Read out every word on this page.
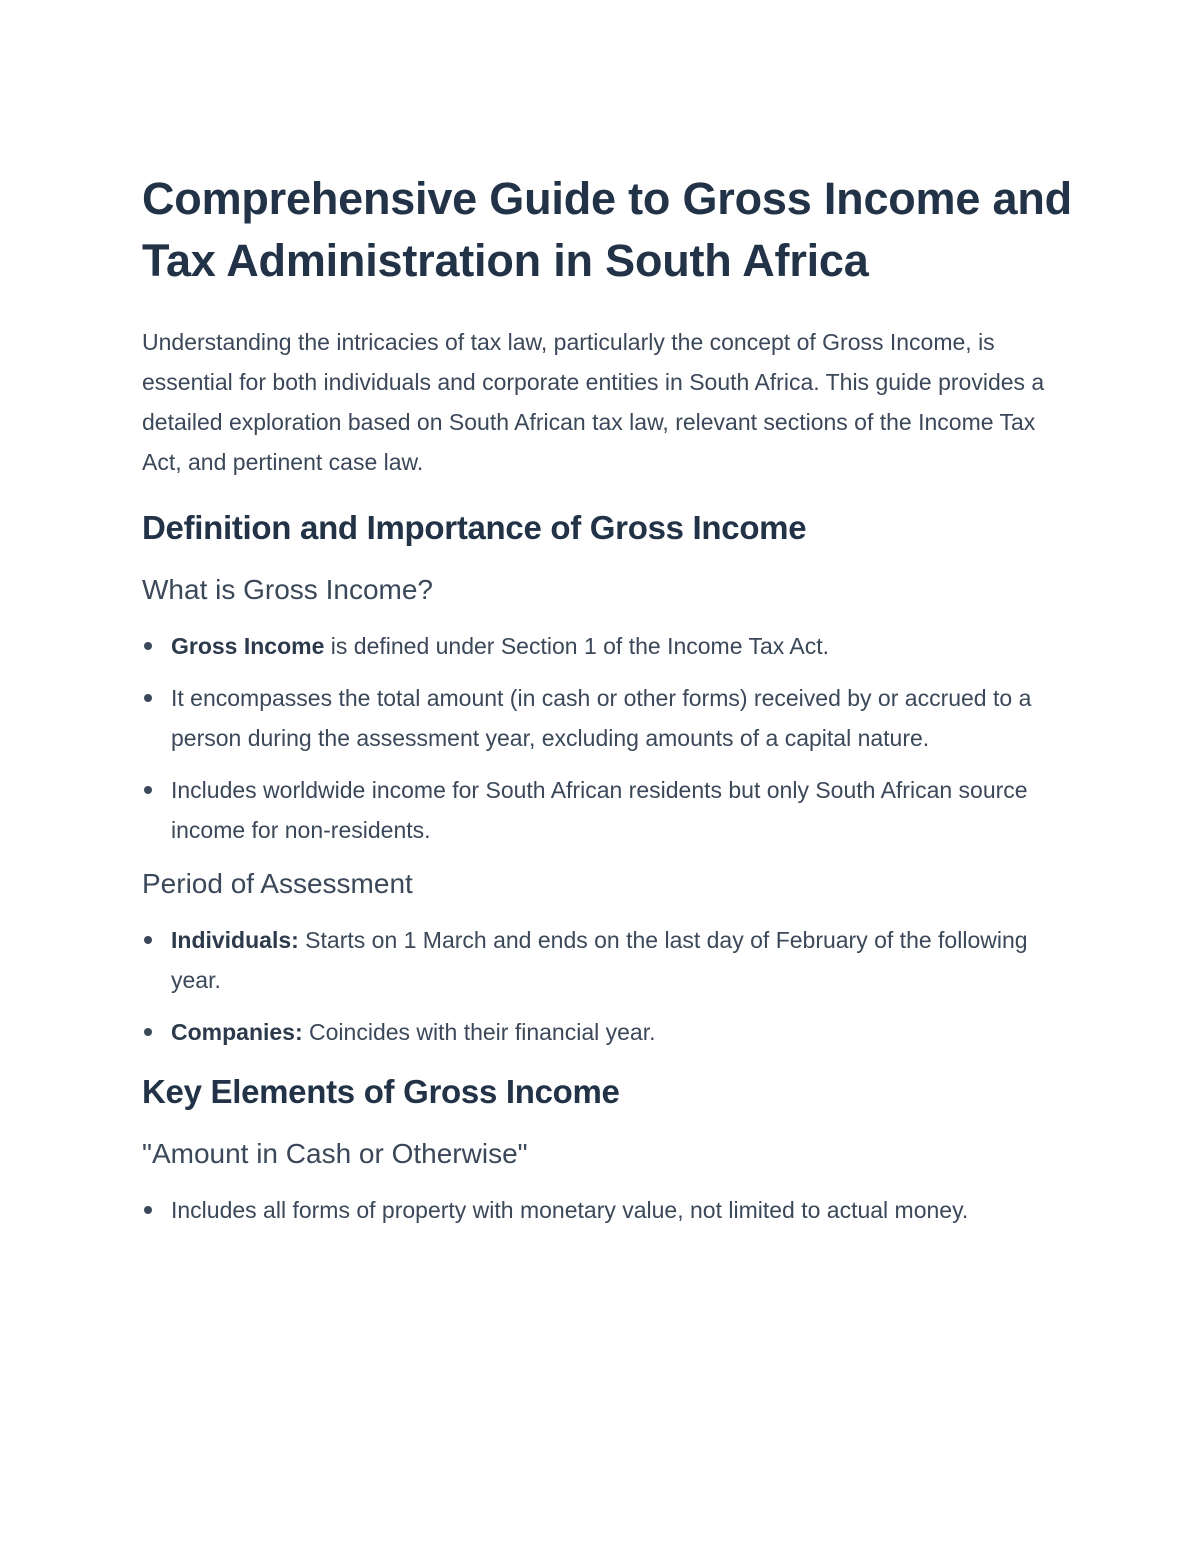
Comprehensive Guide to Gross Income and Tax Administration in South Africa

Understanding the intricacies of tax law, particularly the concept of Gross Income, is essential for both individuals and corporate entities in South Africa. This guide provides a detailed exploration based on South African tax law, relevant sections of the Income Tax Act, and pertinent case law.

Definition and Importance of Gross Income
What is Gross Income?
Gross Income is defined under Section 1 of the Income Tax Act.
It encompasses the total amount (in cash or other forms) received by or accrued to a person during the assessment year, excluding amounts of a capital nature.
Includes worldwide income for South African residents but only South African source income for non-residents.
Period of Assessment
Individuals: Starts on 1 March and ends on the last day of February of the following year.
Companies: Coincides with their financial year.
Key Elements of Gross Income
"Amount in Cash or Otherwise"
Includes all forms of property with monetary value, not limited to actual money.
